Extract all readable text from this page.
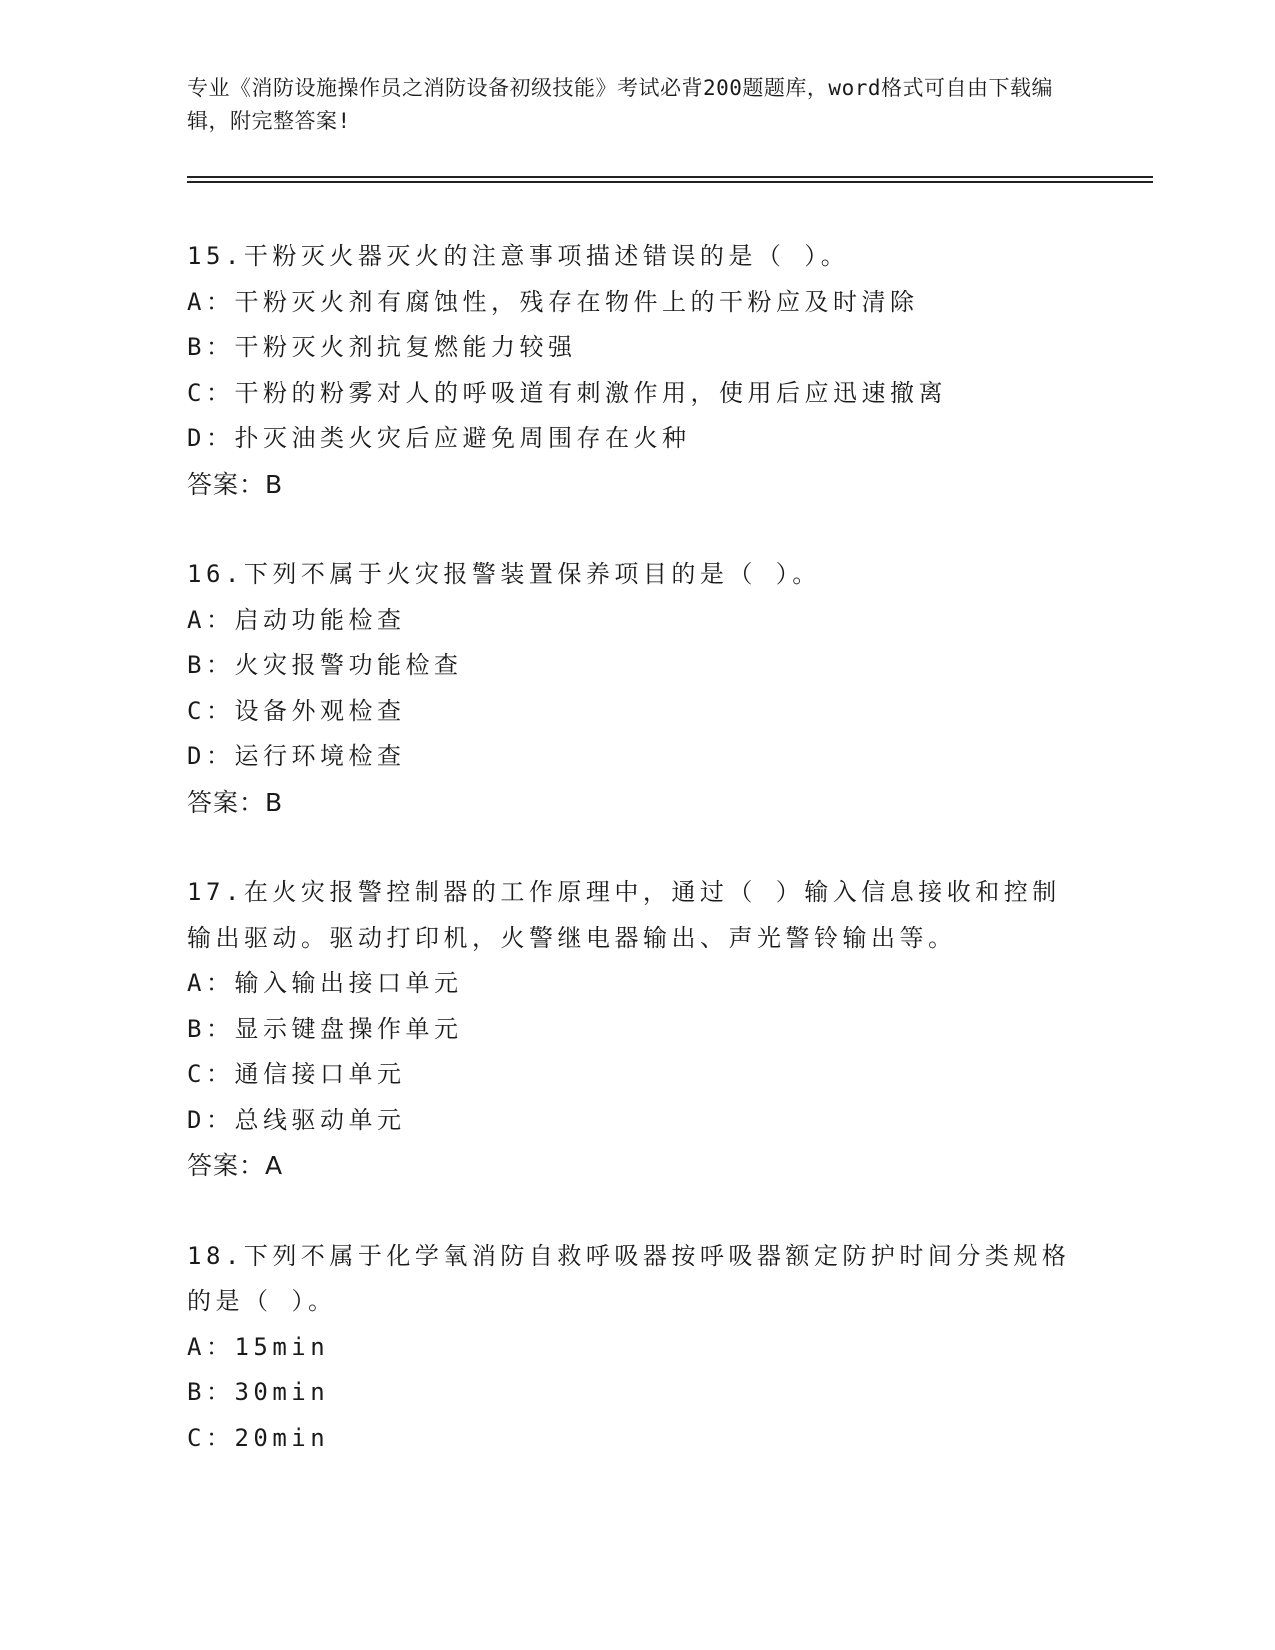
专业《消防设施操作员之消防设备初级技能》考试必背200题题库，word格式可自由下载编辑，附完整答案!
15.干粉灭火器灭火的注意事项描述错误的是（ ）。
A：干粉灭火剂有腐蚀性，残存在物件上的干粉应及时清除
B：干粉灭火剂抗复燃能力较强
C：干粉的粉雾对人的呼吸道有刺激作用，使用后应迅速撤离
D：扑灭油类火灾后应避免周围存在火种
答案：B
16.下列不属于火灾报警装置保养项目的是（ ）。
A：启动功能检查
B：火灾报警功能检查
C：设备外观检查
D：运行环境检查
答案：B
17.在火灾报警控制器的工作原理中，通过（ ）输入信息接收和控制输出驱动。驱动打印机，火警继电器输出、声光警铃输出等。
A：输入输出接口单元
B：显示键盘操作单元
C：通信接口单元
D：总线驱动单元
答案：A
18.下列不属于化学氧消防自救呼吸器按呼吸器额定防护时间分类规格的是（ ）。
A：15min
B：30min
C：20min
